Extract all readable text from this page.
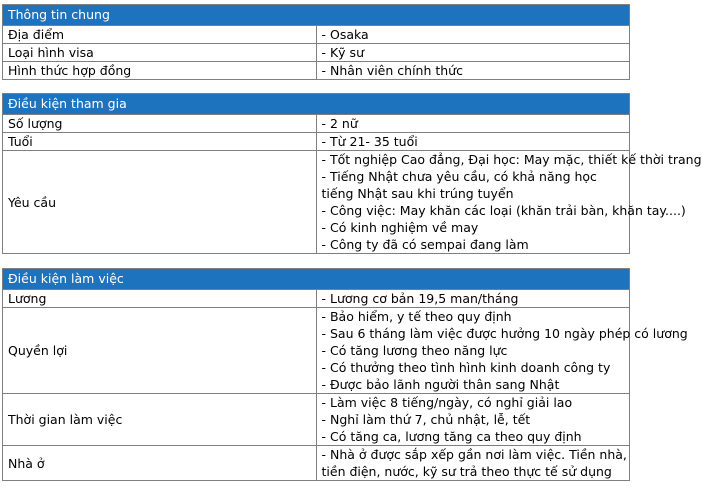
Thông tin chung	
Địa điểm	- Osaka

Loại hình visa	- Kỹ sư

Hình thức hợp đồng	- Nhân viên chính thức
Điều kiện tham gia	
Số lượng	- 2 nữ

Tuổi	- Từ 21- 35 tuổi

Yêu cầu	- Tốt nghiệp Cao đẳng, Đại học: May mặc, thiết kế thời trang
- Tiếng Nhật chưa yêu cầu, có khả năng học tiếng Nhật sau khi trúng tuyển
- Công việc: May khăn các loại (khăn trải bàn, khăn tay....)
- Có kinh nghiệm về may
- Công ty đã có sempai đang làm
Điều kiện làm việc	
Lương	- Lương cơ bản 19,5 man/tháng

Quyền lợi	- Bảo hiểm, y tế theo quy định
- Sau 6 tháng làm việc được hưởng 10 ngày phép có lương
- Có tăng lương theo năng lực
- Có thưởng theo tình hình kinh doanh công ty
- Được bảo lãnh người thân sang Nhật

Thời gian làm việc	- Làm việc 8 tiếng/ngày, có nghỉ giải lao
- Nghỉ làm thứ 7, chủ nhật, lễ, tết
- Có tăng ca, lương tăng ca theo quy định

Nhà ở	- Nhà ở được sắp xếp gần nơi làm việc. Tiền nhà, tiền điện, nước, kỹ sư trả theo thực tế sử dụng
